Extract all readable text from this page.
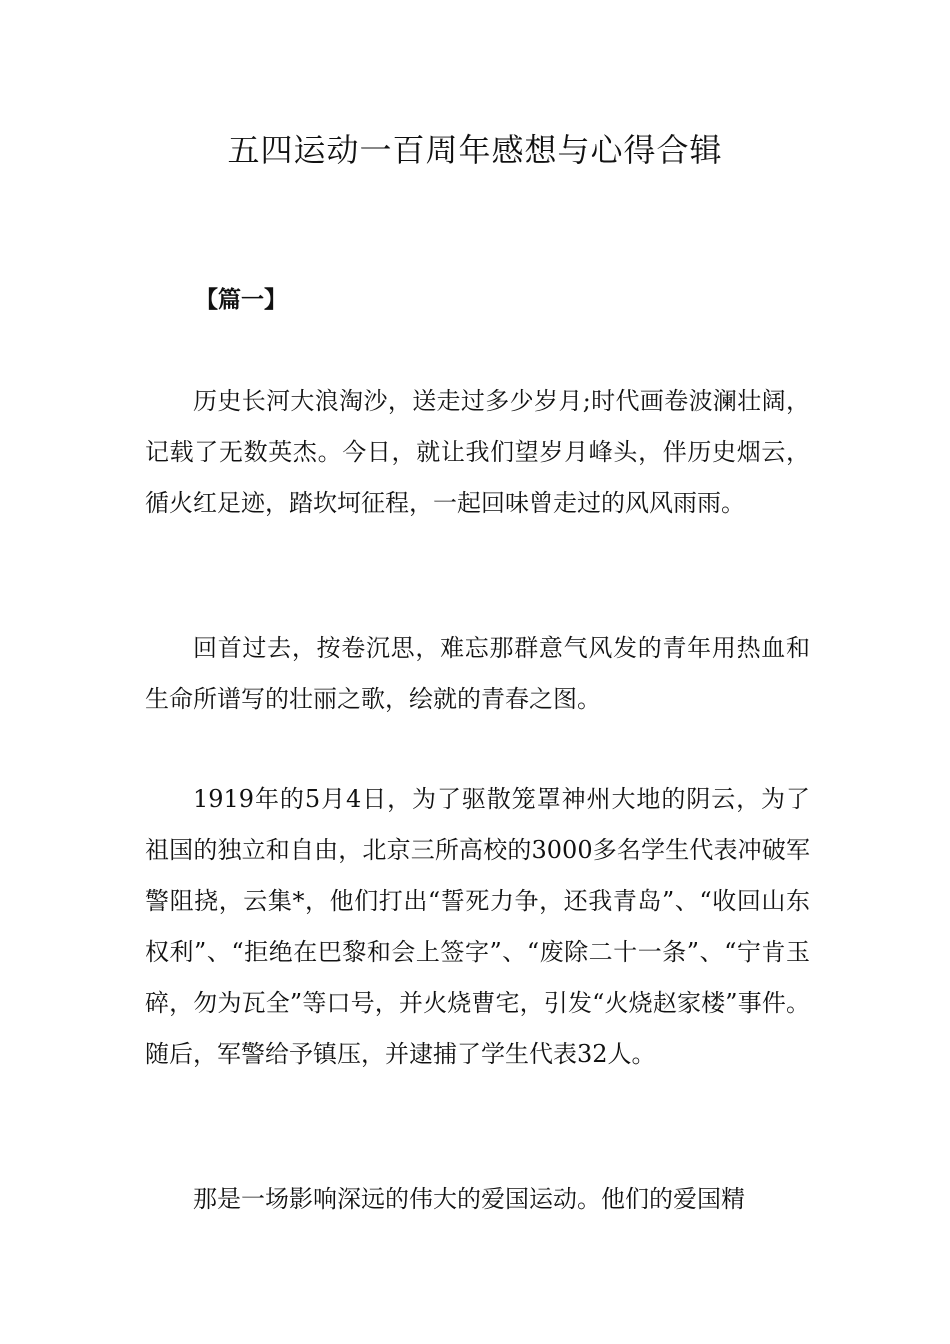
五四运动一百周年感想与心得合辑
【篇一】

历史长河大浪淘沙，送走过多少岁月;时代画卷波澜壮阔，记载了无数英杰。今日，就让我们望岁月峰头，伴历史烟云，循火红足迹，踏坎坷征程，一起回味曾走过的风风雨雨。

回首过去，按卷沉思，难忘那群意气风发的青年用热血和生命所谱写的壮丽之歌，绘就的青春之图。

1919年的5月4日，为了驱散笼罩神州大地的阴云，为了祖国的独立和自由，北京三所高校的3000多名学生代表冲破军警阻挠，云集*，他们打出“誓死力争，还我青岛”、“收回山东权利”、“拒绝在巴黎和会上签字”、“废除二十一条”、“宁肯玉碎，勿为瓦全”等口号，并火烧曹宅，引发“火烧赵家楼”事件。随后，军警给予镇压，并逮捕了学生代表32人。

那是一场影响深远的伟大的爱国运动。他们的爱国精
